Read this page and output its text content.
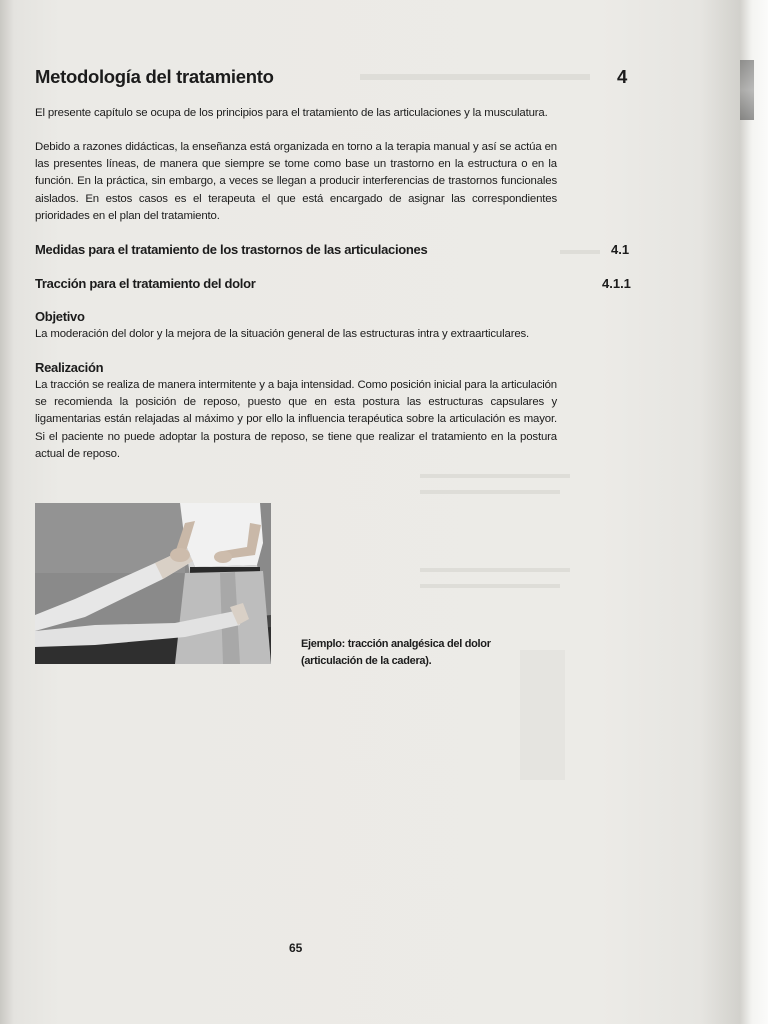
Metodología del tratamiento	4

El presente capítulo se ocupa de los principios para el tratamiento de las articulaciones y la musculatura.

Debido a razones didácticas, la enseñanza está organizada en torno a la terapia manual y así se actúa en las presentes líneas, de manera que siempre se tome como base un trastorno en la estructura o en la función. En la práctica, sin embargo, a veces se llegan a producir interferencias de trastornos funcionales aislados. En estos casos es el terapeuta el que está encargado de asignar las correspondientes prioridades en el plan del tratamiento.

Medidas para el tratamiento de los trastornos de las articulaciones	4.1
Tracción para el tratamiento del dolor	4.1.1
Objetivo

La moderación del dolor y la mejora de la situación general de las estructuras intra y extraarticulares.

Realización

La tracción se realiza de manera intermitente y a baja intensidad. Como posición inicial para la articulación se recomienda la posición de reposo, puesto que en esta postura las estructuras capsulares y ligamentarias están relajadas al máximo y por ello la influencia terapéutica sobre la articulación es mayor. Si el paciente no puede adoptar la postura de reposo, se tiene que realizar el tratamiento en la postura actual de reposo.

Ejemplo: tracción analgésica del dolor (articulación de la cadera).
65
